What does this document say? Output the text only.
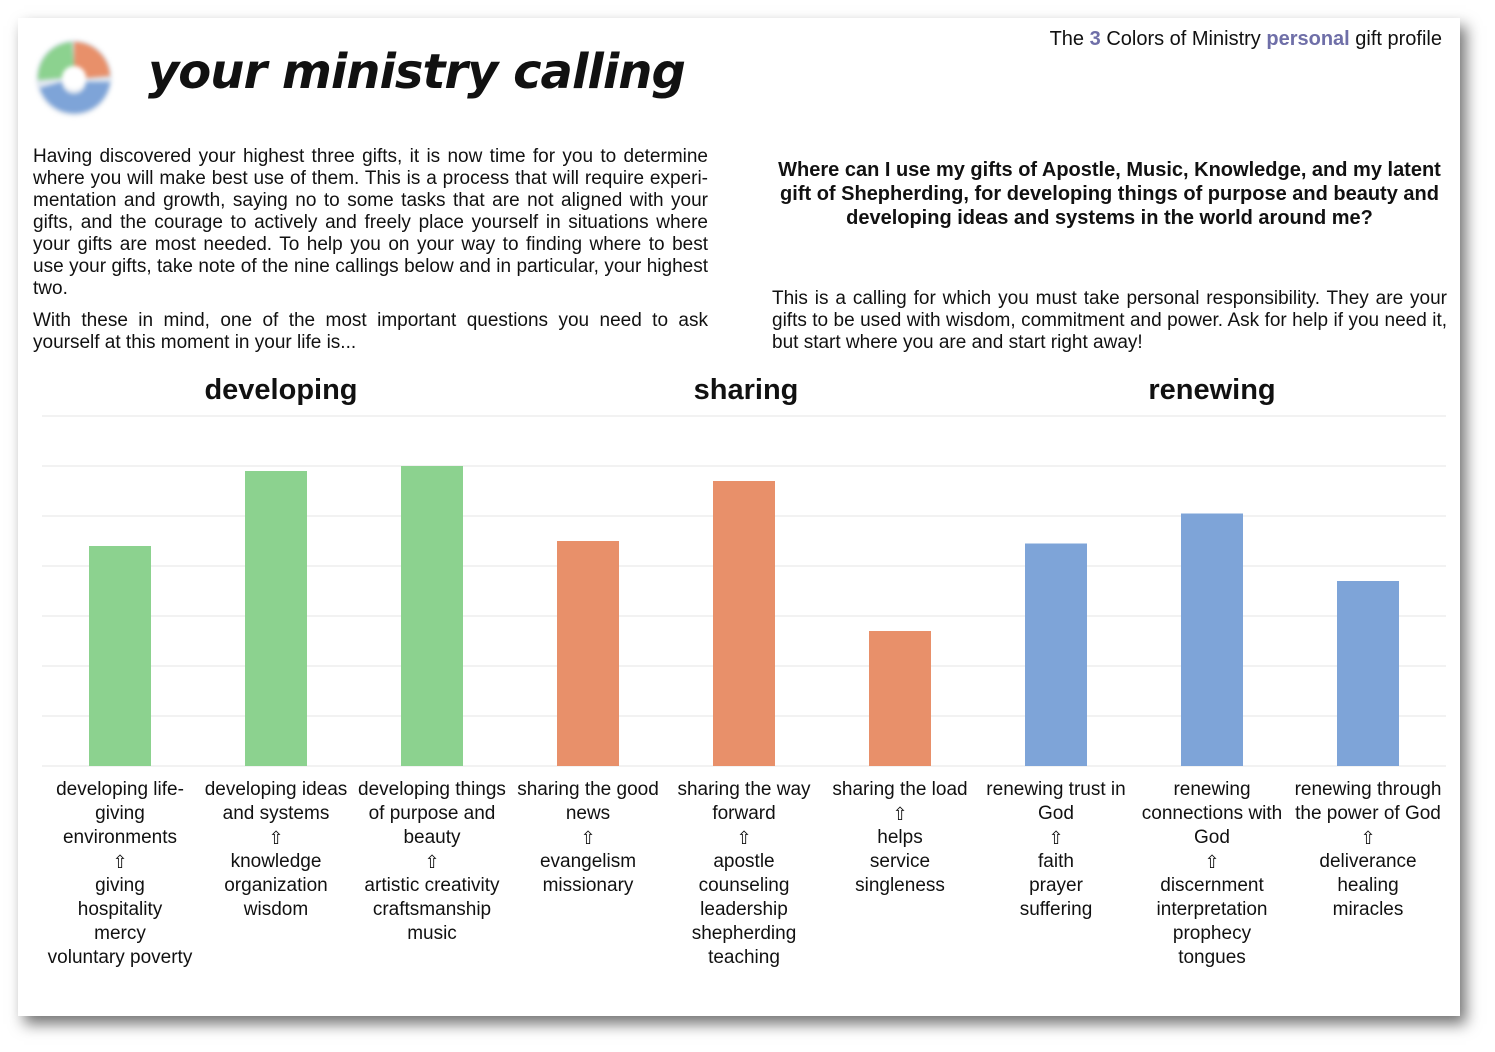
your ministry calling
The 3 Colors of Ministry personal gift profile

Having discovered your highest three gifts, it is now time for you to determine where you will make best use of them. This is a process that will require experi-mentation and growth, saying no to some tasks that are not aligned with your gifts, and the courage to actively and freely place yourself in situations where your gifts are most needed. To help you on your way to finding where to best use your gifts, take note of the nine callings below and in particular, your highest two.

With these in mind, one of the most important questions you need to ask yourself at this moment in your life is...

Where can I use my gifts of Apostle, Music, Knowledge, and my latent gift of Shepherding, for developing things of purpose and beauty and developing ideas and systems in the world around me?
This is a calling for which you must take personal responsibility. They are your gifts to be used with wisdom, commitment and power. Ask for help if you need it, but start where you are and start right away!
developing	sharing	renewing
developing life-giving environments
⇧
giving
hospitality
mercy
voluntary poverty
developing ideas and systems
⇧
knowledge
organization
wisdom
developing things of purpose and beauty
⇧
artistic creativity
craftsmanship
music
sharing the good news
⇧
evangelism
missionary
sharing the way forward
⇧
apostle
counseling
leadership
shepherding
teaching
sharing the load
⇧
helps
service
singleness
renewing trust in God
⇧
faith
prayer
suffering
renewing connections with God
⇧
discernment
interpretation
prophecy
tongues
renewing through the power of God
⇧
deliverance
healing
miracles
